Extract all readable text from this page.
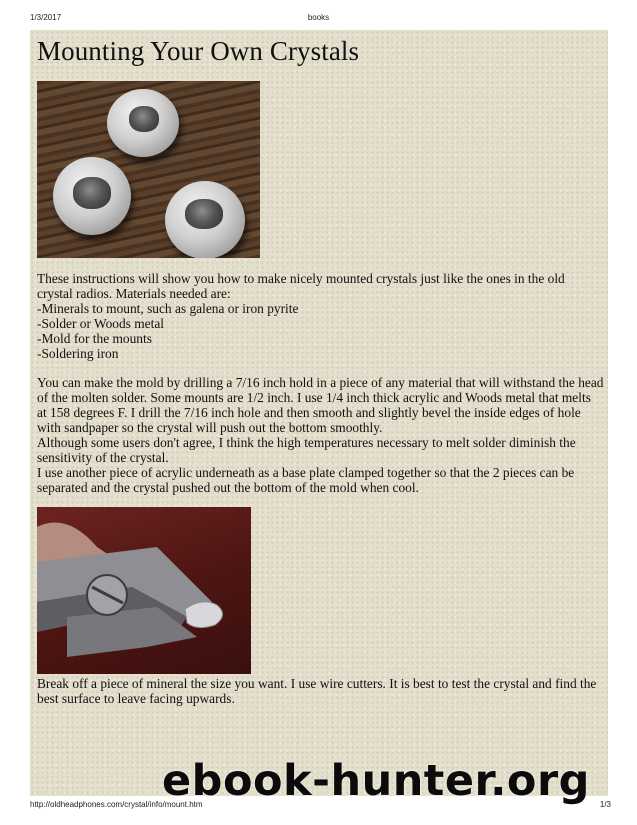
1/3/2017	books
Mounting Your Own Crystals
These instructions will show you how to make nicely mounted crystals just like the ones in the old
crystal radios. Materials needed are:
-Minerals to mount, such as galena or iron pyrite
-Solder or Woods metal
-Mold for the mounts
-Soldering iron
You can make the mold by drilling a 7/16 inch hold in a piece of any material that will withstand the head
of the molten solder. Some mounts are 1/2 inch. I use 1/4 inch thick acrylic and Woods metal that melts
at 158 degrees F. I drill the 7/16 inch hole and then smooth and slightly bevel the inside edges of hole
with sandpaper so the crystal will push out the bottom smoothly.
Although some users don't agree, I think the high temperatures necessary to melt solder diminish the
sensitivity of the crystal.
I use another piece of acrylic underneath as a base plate clamped together so that the 2 pieces can be
separated and the crystal pushed out the bottom of the mold when cool.
Break off a piece of mineral the size you want. I use wire cutters. It is best to test the crystal and find the
best surface to leave facing upwards.
ebook-hunter.org
http://oldheadphones.com/crystal/info/mount.htm	1/3
